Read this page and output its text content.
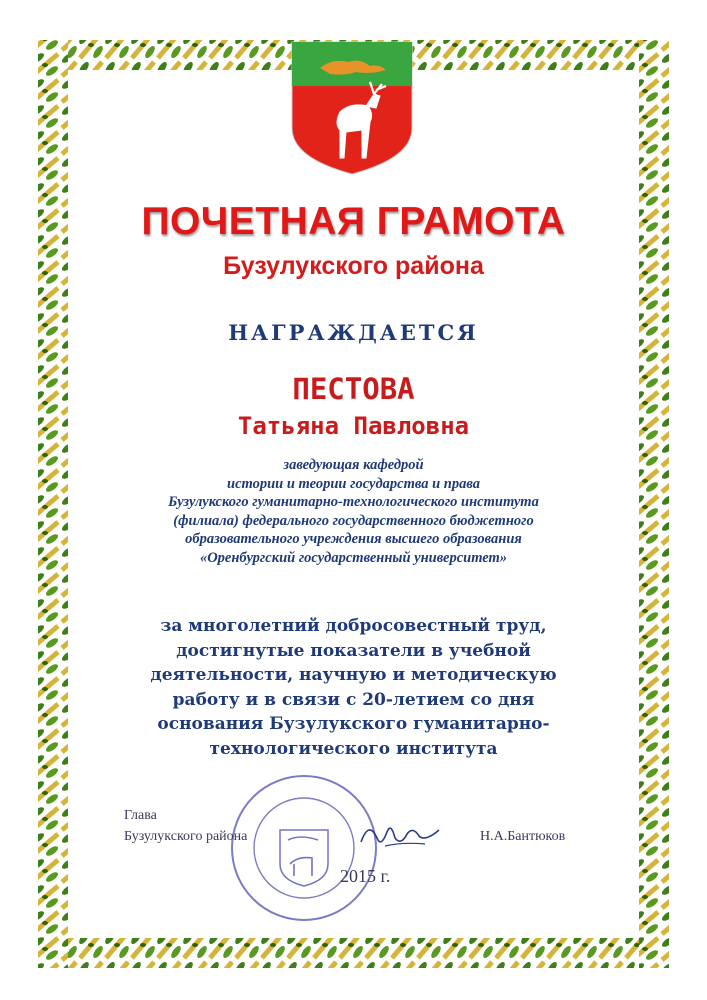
ПОЧЕТНАЯ ГРАМОТА
Бузулукского района
НАГРАЖДАЕТСЯ
ПЕСТОВА
Татьяна Павловна
заведующая кафедрой
истории и теории государства и права
Бузулукского гуманитарно-технологического института
(филиала) федерального государственного бюджетного
образовательного учреждения высшего образования
«Оренбургский государственный университет»
за многолетний добросовестный труд,
достигнутые показатели в учебной
деятельности, научную и методическую
работу и в связи с 20-летием со дня
основания Бузулукского гуманитарно-
технологического института
Глава
Бузулукского района	Н.А.Бантюков
2015 г.
